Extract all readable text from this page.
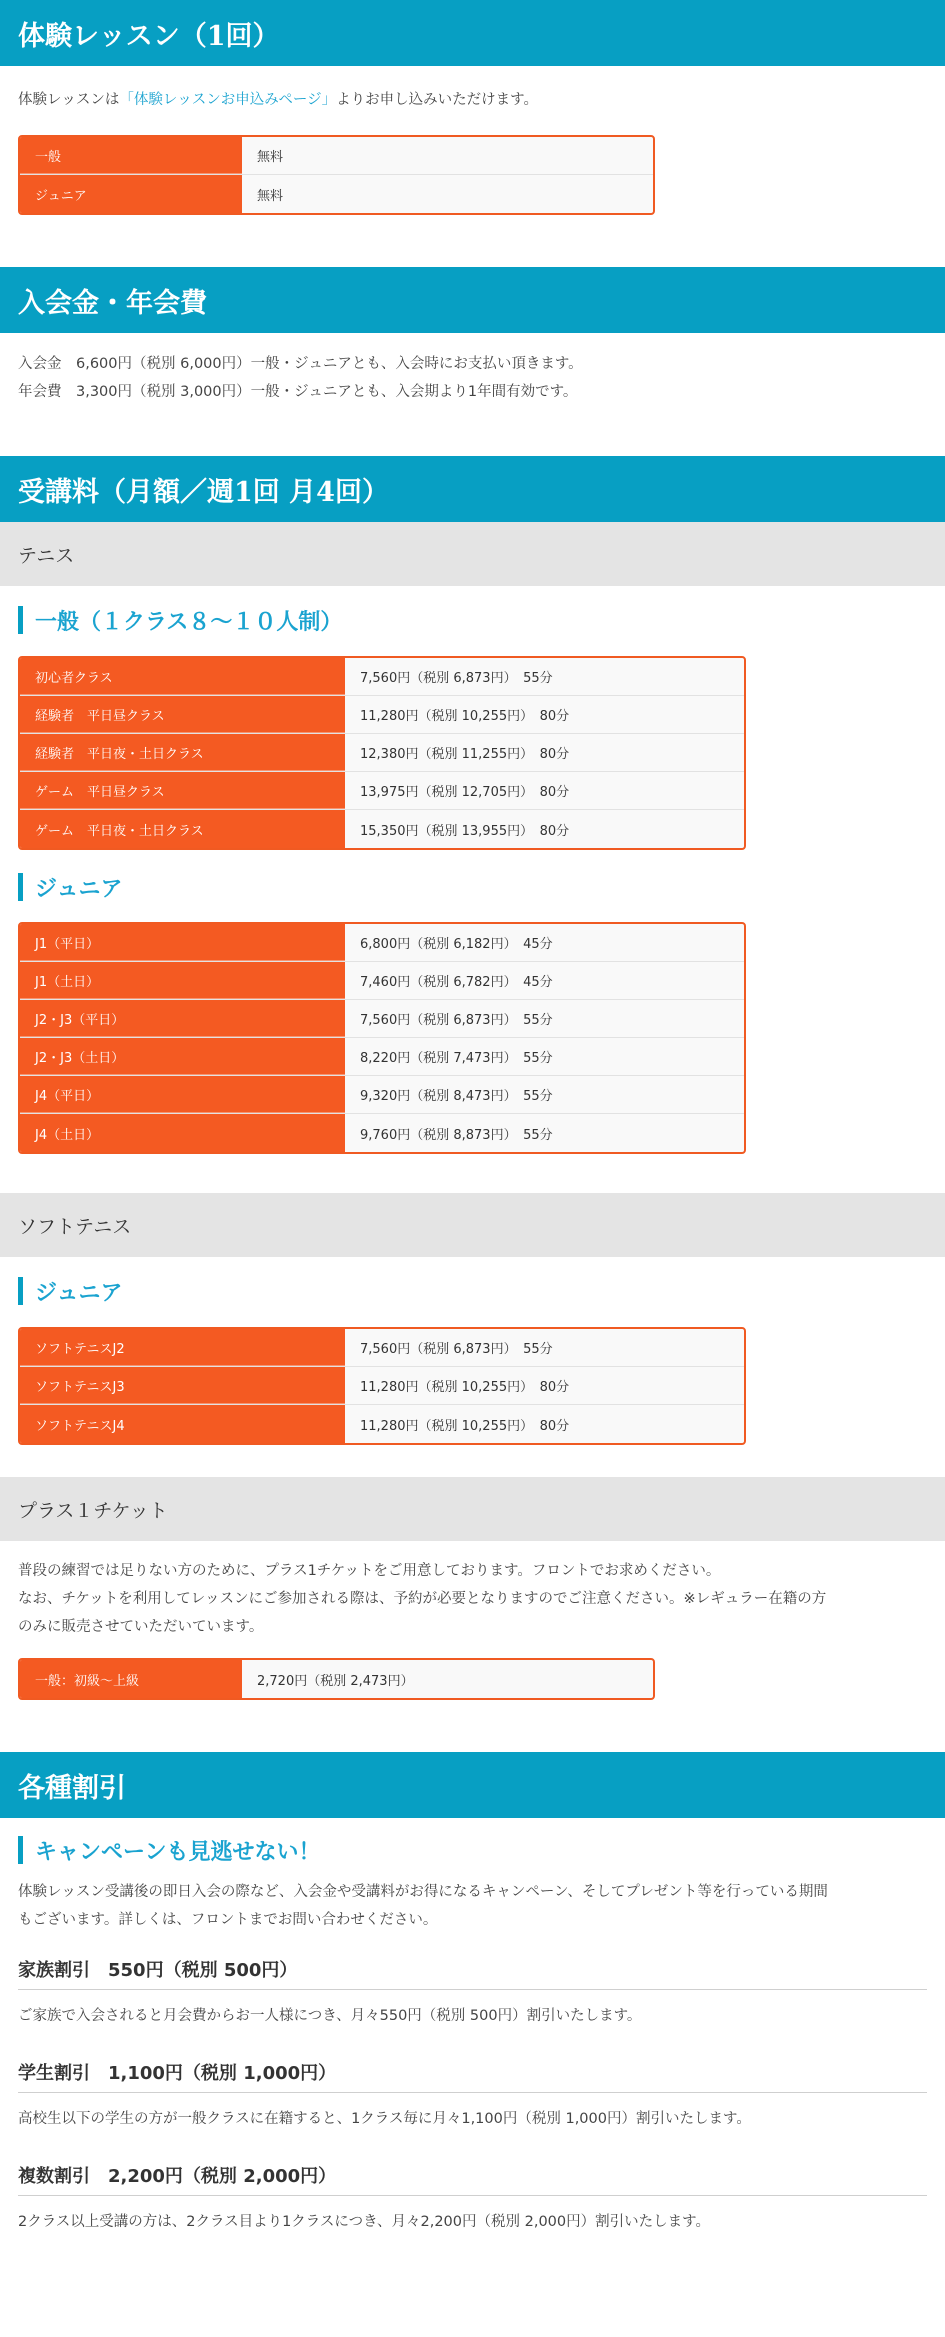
体験レッスン（1回）

体験レッスンは「体験レッスンお申込みページ」よりお申し込みいただけます。

一般	無料
ジュニア	無料
入会金・年会費

入会金　6,600円（税別 6,000円）一般・ジュニアとも、入会時にお支払い頂きます。

年会費　3,300円（税別 3,000円）一般・ジュニアとも、入会期より1年間有効です。

受講料（月額／週1回 月4回）
テニス
一般（１クラス８～１０人制）
初心者クラス	7,560円（税別 6,873円）　55分
経験者　平日昼クラス	11,280円（税別 10,255円）　80分
経験者　平日夜・土日クラス	12,380円（税別 11,255円）　80分
ゲーム　平日昼クラス	13,975円（税別 12,705円）　80分
ゲーム　平日夜・土日クラス	15,350円（税別 13,955円）　80分
ジュニア
J1（平日）	6,800円（税別 6,182円）　45分
J1（土日）	7,460円（税別 6,782円）　45分
J2・J3（平日）	7,560円（税別 6,873円）　55分
J2・J3（土日）	8,220円（税別 7,473円）　55分
J4（平日）	9,320円（税別 8,473円）　55分
J4（土日）	9,760円（税別 8,873円）　55分
ソフトテニス
ジュニア
ソフトテニスJ2	7,560円（税別 6,873円）　55分
ソフトテニスJ3	11,280円（税別 10,255円）　80分
ソフトテニスJ4	11,280円（税別 10,255円）　80分
プラス１チケット

普段の練習では足りない方のために、プラス1チケットをご用意しております。フロントでお求めください。

なお、チケットを利用してレッスンにご参加される際は、予約が必要となりますのでご注意ください。※レギュラー在籍の方

のみに販売させていただいています。

一般：初級～上級	2,720円（税別 2,473円）
各種割引
キャンペーンも見逃せない！

体験レッスン受講後の即日入会の際など、入会金や受講料がお得になるキャンペーン、そしてプレゼント等を行っている期間

もございます。詳しくは、フロントまでお問い合わせください。

家族割引　550円（税別 500円）

ご家族で入会されると月会費からお一人様につき、月々550円（税別 500円）割引いたします。

学生割引　1,100円（税別 1,000円）

高校生以下の学生の方が一般クラスに在籍すると、1クラス毎に月々1,100円（税別 1,000円）割引いたします。

複数割引　2,200円（税別 2,000円）

2クラス以上受講の方は、2クラス目より1クラスにつき、月々2,200円（税別 2,000円）割引いたします。
